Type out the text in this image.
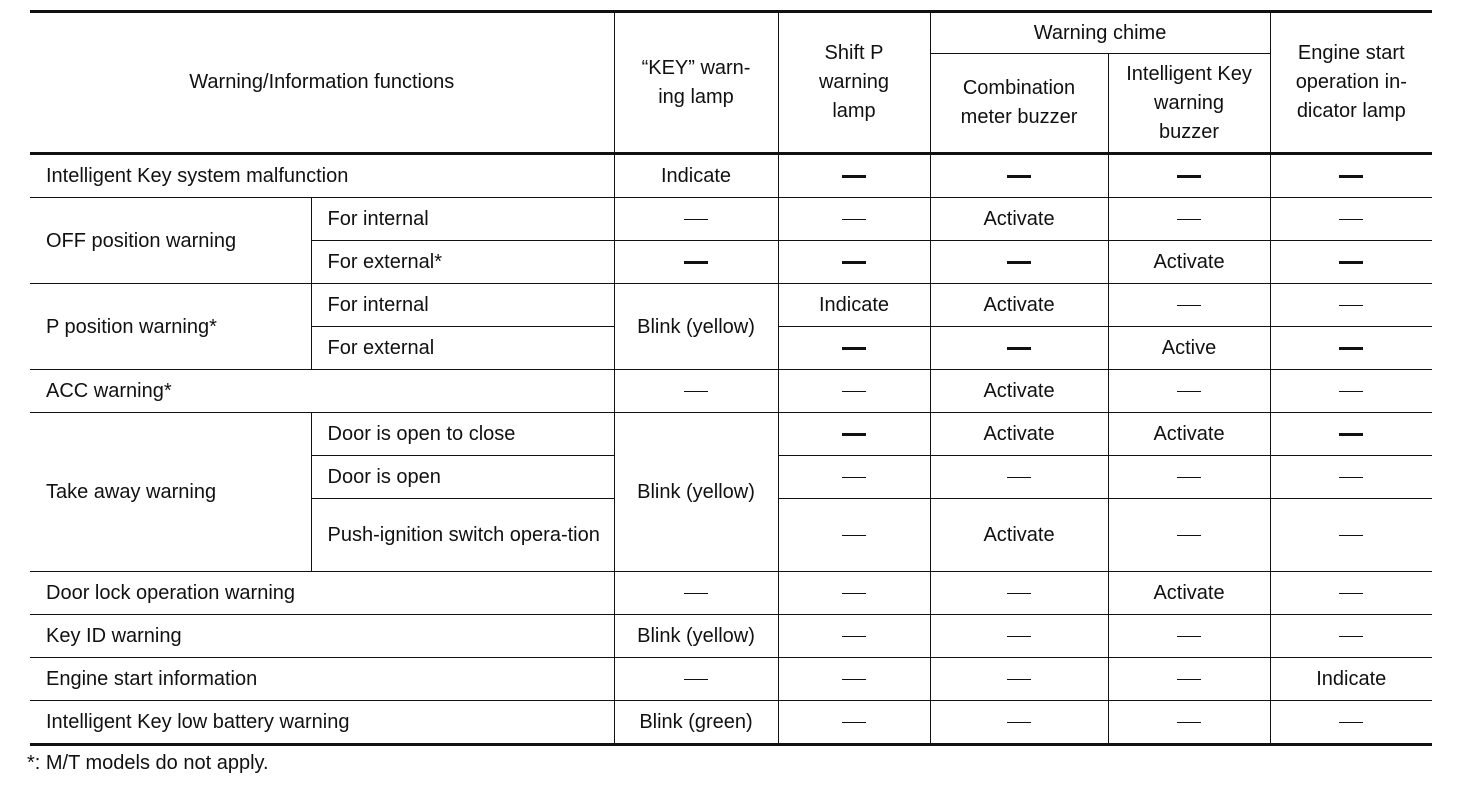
Warning/Information functions		“KEY” warn-ing lamp	Shift P warning lamp	Warning chime		Engine start operation in-dicator lamp
				Combination meter buzzer	Intelligent Key warning buzzer	
Intelligent Key system malfunction		Indicate				
OFF position warning	For internal			Activate		
	For external*				Activate	
P position warning*	For internal	Blink (yellow)	Indicate	Activate		
	For external				Active	
ACC warning*				Activate		
Take away warning	Door is open to close	Blink (yellow)		Activate	Activate	
	Door is open					
	Push-ignition switch opera-tion			Activate		
Door lock operation warning					Activate	
Key ID warning		Blink (yellow)				
Engine start information						Indicate
Intelligent Key low battery warning		Blink (green)				
*: M/T models do not apply.
